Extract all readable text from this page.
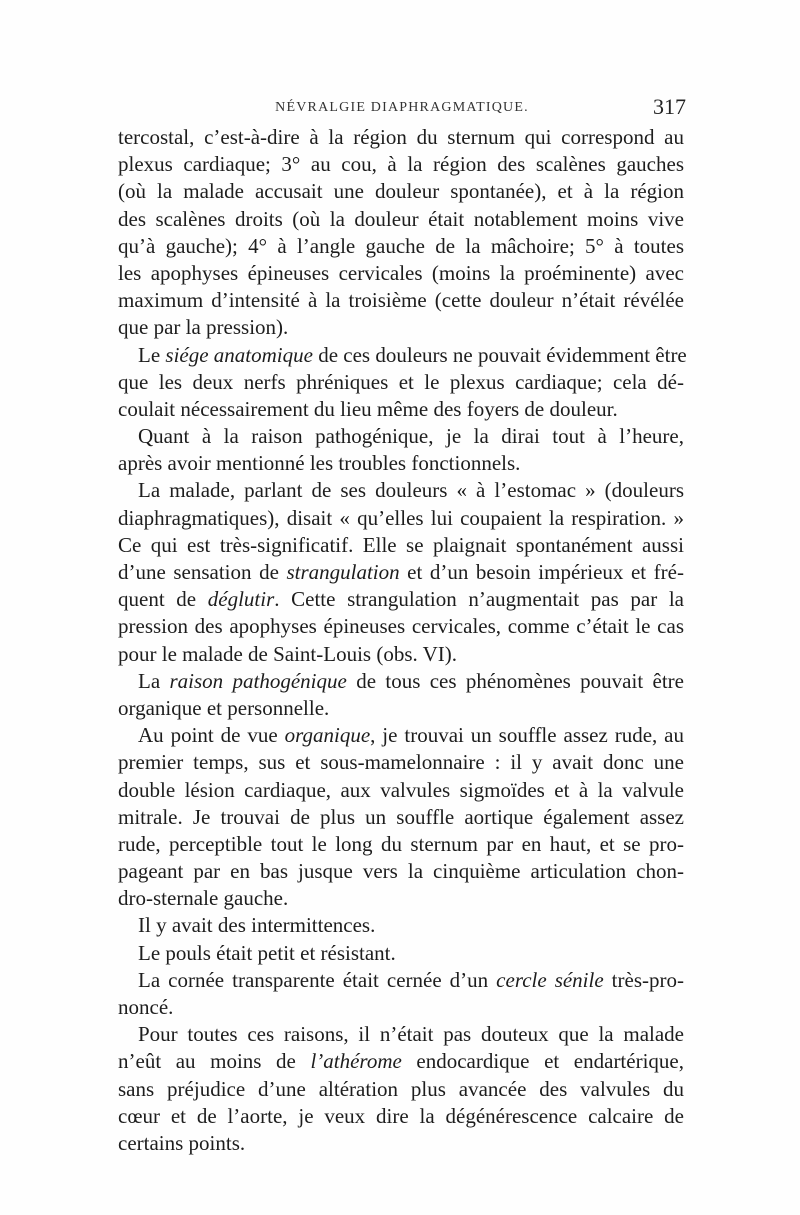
NÉVRALGIE DIAPHRAGMATIQUE.	317
tercostal, c’est-à-dire à la région du sternum qui correspond au
plexus cardiaque; 3° au cou, à la région des scalènes gauches
(où la malade accusait une douleur spontanée), et à la région
des scalènes droits (où la douleur était notablement moins vive
qu’à gauche); 4° à l’angle gauche de la mâchoire; 5° à toutes
les apophyses épineuses cervicales (moins la proéminente) avec
maximum d’intensité à la troisième (cette douleur n’était révélée
que par la pression).
Le siége anatomique de ces douleurs ne pouvait évidemment être
que les deux nerfs phréniques et le plexus cardiaque; cela dé-
coulait nécessairement du lieu même des foyers de douleur.
Quant à la raison pathogénique, je la dirai tout à l’heure,
après avoir mentionné les troubles fonctionnels.
La malade, parlant de ses douleurs « à l’estomac » (douleurs
diaphragmatiques), disait « qu’elles lui coupaient la respiration. »
Ce qui est très-significatif. Elle se plaignait spontanément aussi
d’une sensation de strangulation et d’un besoin impérieux et fré-
quent de déglutir. Cette strangulation n’augmentait pas par la
pression des apophyses épineuses cervicales, comme c’était le cas
pour le malade de Saint-Louis (obs. VI).
La raison pathogénique de tous ces phénomènes pouvait être
organique et personnelle.
Au point de vue organique, je trouvai un souffle assez rude, au
premier temps, sus et sous-mamelonnaire : il y avait donc une
double lésion cardiaque, aux valvules sigmoïdes et à la valvule
mitrale. Je trouvai de plus un souffle aortique également assez
rude, perceptible tout le long du sternum par en haut, et se pro-
pageant par en bas jusque vers la cinquième articulation chon-
dro-sternale gauche.
Il y avait des intermittences.
Le pouls était petit et résistant.
La cornée transparente était cernée d’un cercle sénile très-pro-
noncé.
Pour toutes ces raisons, il n’était pas douteux que la malade
n’eût au moins de l’athérome endocardique et endartérique,
sans préjudice d’une altération plus avancée des valvules du
cœur et de l’aorte, je veux dire la dégénérescence calcaire de
certains points.
